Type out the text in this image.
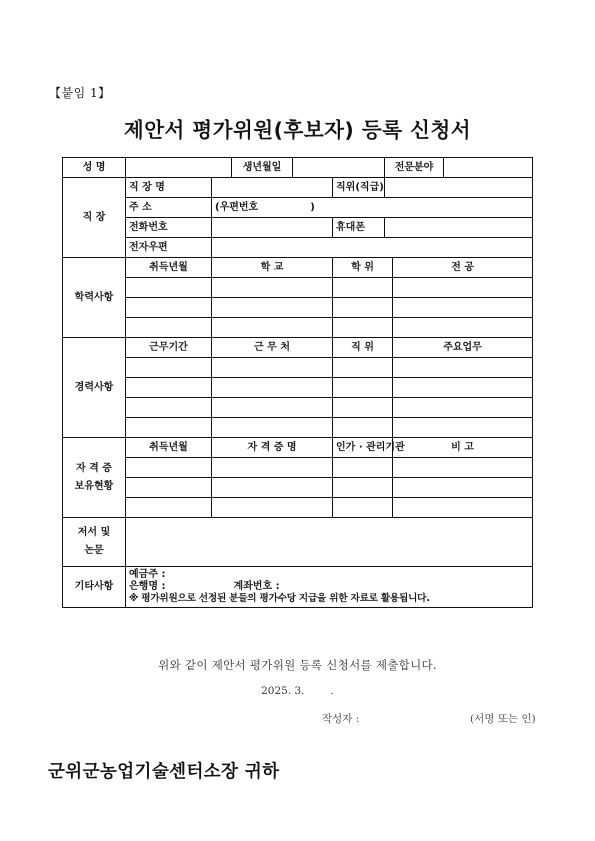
【붙임 1】
제안서 평가위원(후보자) 등록 신청서
성 명			생년월일			전문분야		
직 장	직 장 명				직위(직급)			
	주 소	(우편번호 )						
	전화번호				휴대폰			
	전자우편							
학력사항	취득년월	학 교			학 위		전 공	

경력사항	근무기간	근 무 처			직 위		주요업무	

자 격 증
보유현황	취득년월	자 격 증 명			인가 · 관리기관		비 고	

저서 및
논문								
기타사항	예금주 :
은행명 : 계좌번호 :
※ 평가위원으로 선정된 분들의 평가수당 지급을 위한 자료로 활용됩니다.							
위와 같이 제안서 평가위원 등록 신청서를 제출합니다.
2025. 3. .
작성자 :	(서명 또는 인)
군위군농업기술센터소장 귀하
